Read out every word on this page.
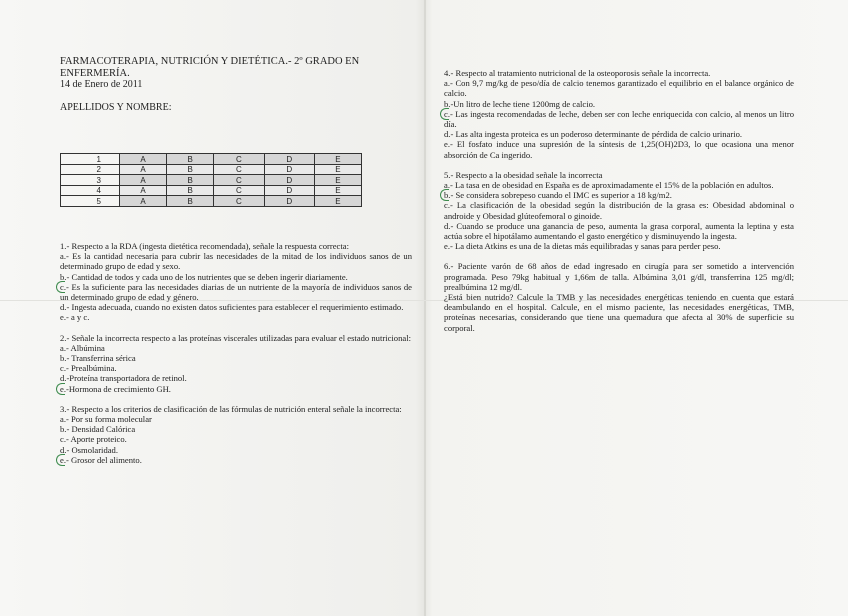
FARMACOTERAPIA, NUTRICIÓN Y DIETÉTICA.- 2º GRADO EN ENFERMERÍA.

14 de Enero de 2011

APELLIDOS Y NOMBRE:

1	A	B	C	D	E
2	A	B	C	D	E
3	A	B	C	D	E
4	A	B	C	D	E
5	A	B	C	D	E

1.- Respecto a la RDA (ingesta dietética recomendada), señale la respuesta correcta:

a.- Es la cantidad necesaria para cubrir las necesidades de la mitad de los individuos sanos de un determinado grupo de edad y sexo.

b.- Cantidad de todos y cada uno de los nutrientes que se deben ingerir diariamente.

c.- Es la suficiente para las necesidades diarias de un nutriente de la mayoría de individuos sanos de un determinado grupo de edad y género.

d.- Ingesta adecuada, cuando no existen datos suficientes para establecer el requerimiento estimado.

e.- a y c.

2.- Señale la incorrecta respecto a las proteínas viscerales utilizadas para evaluar el estado nutricional:

a.- Albúmina

b.- Transferrina sérica

c.- Prealbúmina.

d.-Proteína transportadora de retinol.

e.-Hormona de crecimiento GH.

3.- Respecto a los criterios de clasificación de las fórmulas de nutrición enteral señale la incorrecta:

a.- Por su forma molecular

b.- Densidad Calórica

c.- Aporte proteico.

d.- Osmolaridad.

e.- Grosor del alimento.

4.- Respecto al tratamiento nutricional de la osteoporosis señale la incorrecta.

a.- Con 9,7 mg/kg de peso/día de calcio tenemos garantizado el equilibrio en el balance orgánico de calcio.

b.-Un litro de leche tiene 1200mg de calcio.

c.- Las ingesta recomendadas de leche, deben ser con leche enriquecida con calcio, al menos un litro día.

d.- Las alta ingesta proteica es un poderoso determinante de pérdida de calcio urinario.

e.- El fosfato induce una supresión de la síntesis de 1,25(OH)2D3, lo que ocasiona una menor absorción de Ca ingerido.

5.- Respecto a la obesidad señale la incorrecta

a.- La tasa en de obesidad en España es de aproximadamente el 15% de la población en adultos.

b.- Se considera sobrepeso cuando el IMC es superior a 18 kg/m2.

c.- La clasificación de la obesidad según la distribución de la grasa es: Obesidad abdominal o androide y Obesidad glúteofemoral o ginoide.

d.- Cuando se produce una ganancia de peso, aumenta la grasa corporal, aumenta la leptina y esta actúa sobre el hipotálamo aumentando el gasto energético y disminuyendo la ingesta.

e.- La dieta Atkins es una de la dietas más equilibradas y sanas para perder peso.

6.- Paciente varón de 68 años de edad ingresado en cirugía para ser sometido a intervención programada. Peso 79kg habitual y 1,66m de talla. Albúmina 3,01 g/dl, transferrina 125 mg/dl; prealbúmina 12 mg/dl.

¿Está bien nutrido? Calcule la TMB y las necesidades energéticas teniendo en cuenta que estará deambulando en el hospital. Calcule, en el mismo paciente, las necesidades energéticas, TMB, proteínas necesarias, considerando que tiene una quemadura que afecta al 30% de superficie su corporal.
